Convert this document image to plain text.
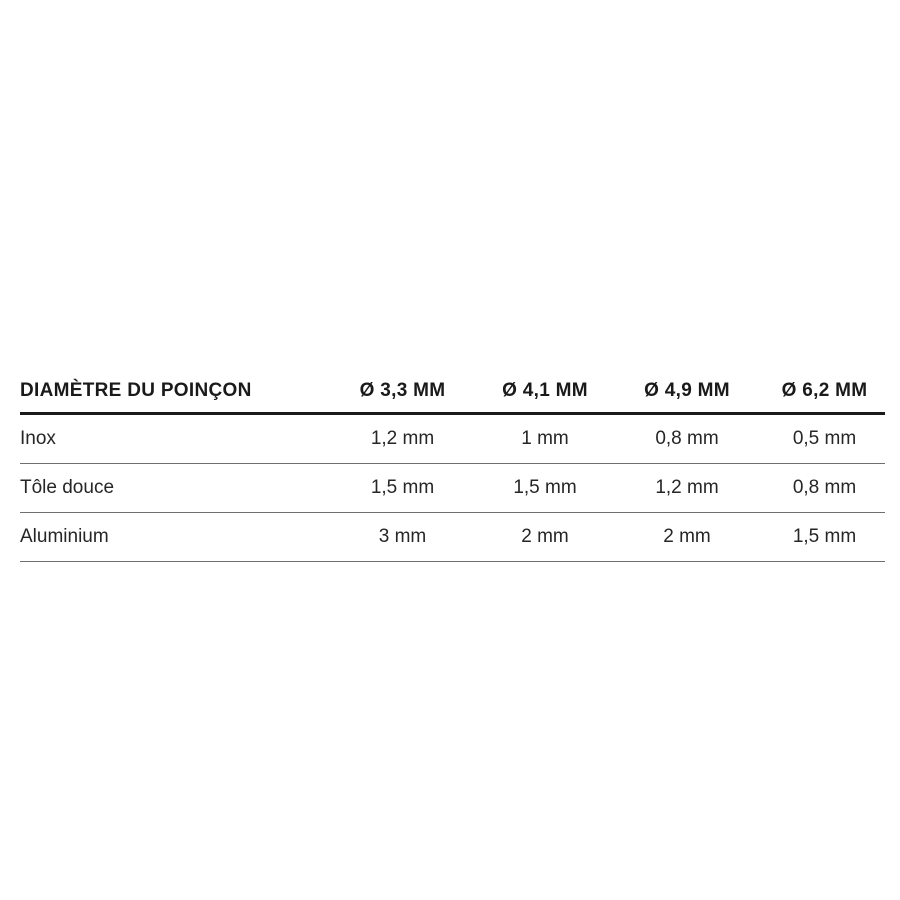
DIAMÈTRE DU POINÇON	Ø 3,3 MM	Ø 4,1 MM	Ø 4,9 MM	Ø 6,2 MM
Inox	1,2 mm	1 mm	0,8 mm	0,5 mm
Tôle douce	1,5 mm	1,5 mm	1,2 mm	0,8 mm
Aluminium	3 mm	2 mm	2 mm	1,5 mm
